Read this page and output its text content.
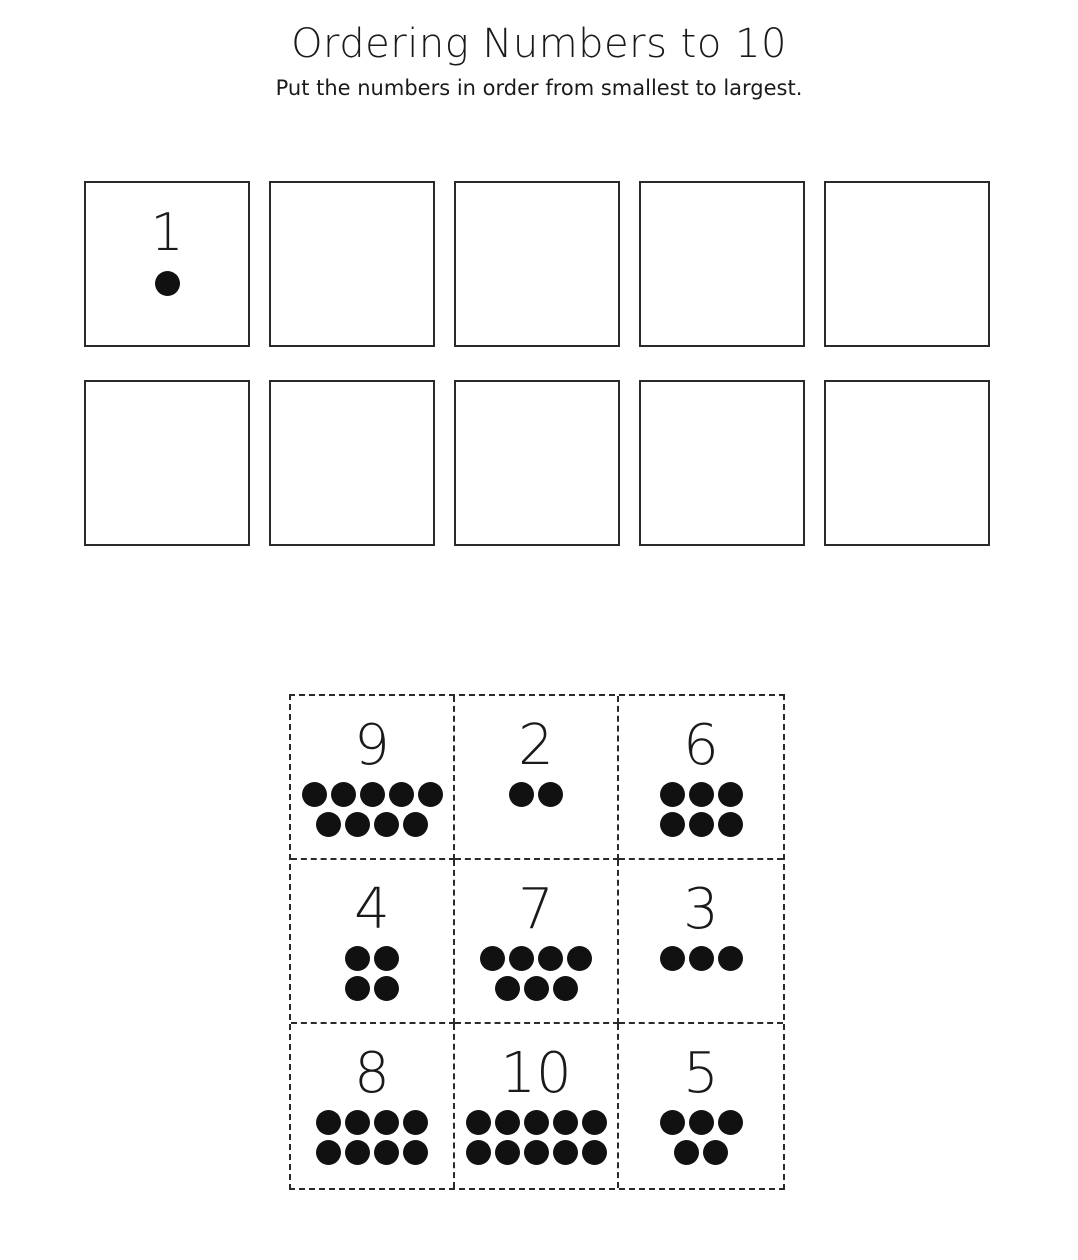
Ordering Numbers to 10
Put the numbers in order from smallest to largest.
1
9	2	6
4	7	3
8	10	5
